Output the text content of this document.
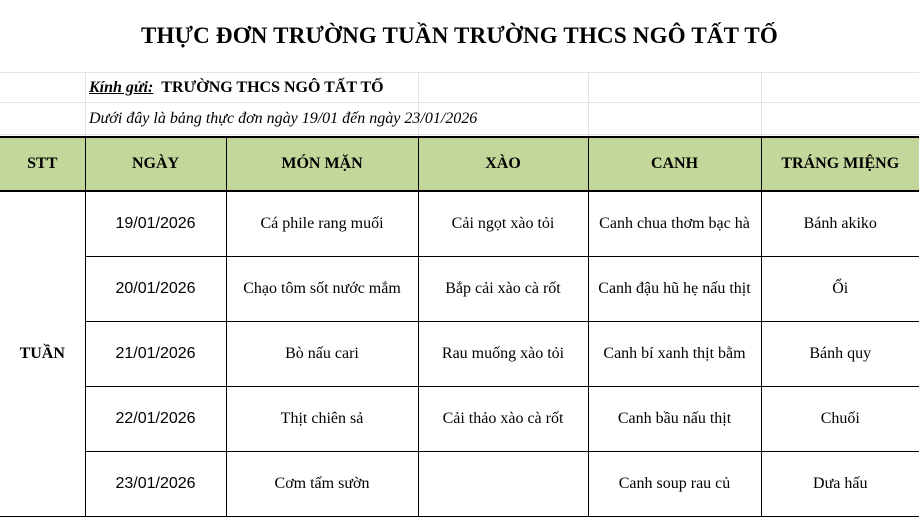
THỰC ĐƠN TRƯỜNG TUẦN TRƯỜNG THCS NGÔ TẤT TỐ
Kính gửi: TRƯỜNG THCS NGÔ TẤT TỐ
Dưới đây là bảng thực đơn ngày 19/01 đến ngày 23/01/2026
STT	NGÀY	MÓN MẶN	XÀO	CANH	TRÁNG MIỆNG
TUẦN	19/01/2026	Cá phile rang muối	Cải ngọt xào tỏi	Canh chua thơm bạc hà	Bánh akiko
	20/01/2026	Chạo tôm sốt nước mắm	Bắp cải xào cà rốt	Canh đậu hũ hẹ nấu thịt	Ổi
	21/01/2026	Bò nấu cari	Rau muống xào tỏi	Canh bí xanh thịt bằm	Bánh quy
	22/01/2026	Thịt chiên sả	Cải thảo xào cà rốt	Canh bầu nấu thịt	Chuối
	23/01/2026	Cơm tấm sườn		Canh soup rau củ	Dưa hấu
